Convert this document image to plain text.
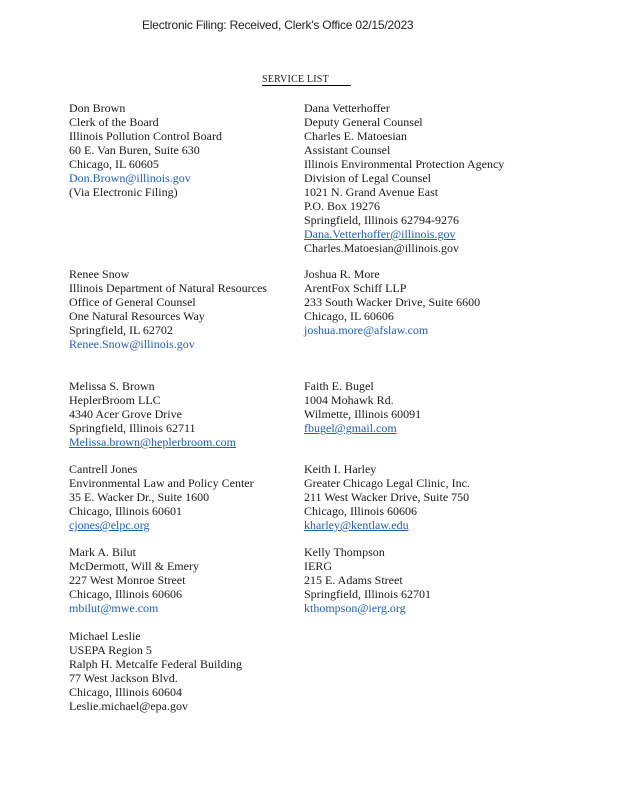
Electronic Filing: Received, Clerk's Office 02/15/2023
SERVICE LIST
Don Brown
Clerk of the Board
Illinois Pollution Control Board
60 E. Van Buren, Suite 630
Chicago, IL 60605
Don.Brown@illinois.gov
(Via Electronic Filing)
Dana Vetterhoffer
Deputy General Counsel
Charles E. Matoesian
Assistant Counsel
Illinois Environmental Protection Agency
Division of Legal Counsel
1021 N. Grand Avenue East
P.O. Box 19276
Springfield, Illinois 62794-9276
Dana.Vetterhoffer@illinois.gov
Charles.Matoesian@illinois.gov
Renee Snow
Illinois Department of Natural Resources
Office of General Counsel
One Natural Resources Way
Springfield, IL 62702
Renee.Snow@illinois.gov
Joshua R. More
ArentFox Schiff LLP
233 South Wacker Drive, Suite 6600
Chicago, IL 60606
joshua.more@afslaw.com
Melissa S. Brown
HeplerBroom LLC
4340 Acer Grove Drive
Springfield, Illinois 62711
Melissa.brown@heplerbroom.com
Faith E. Bugel
1004 Mohawk Rd.
Wilmette, Illinois 60091
fbugel@gmail.com
Cantrell Jones
Environmental Law and Policy Center
35 E. Wacker Dr., Suite 1600
Chicago, Illinois 60601
cjones@elpc.org
Keith I. Harley
Greater Chicago Legal Clinic, Inc.
211 West Wacker Drive, Suite 750
Chicago, Illinois 60606
kharley@kentlaw.edu
Mark A. Bilut
McDermott, Will & Emery
227 West Monroe Street
Chicago, Illinois 60606
mbilut@mwe.com
Kelly Thompson
IERG
215 E. Adams Street
Springfield, Illinois 62701
kthompson@ierg.org
Michael Leslie
USEPA Region 5
Ralph H. Metcalfe Federal Building
77 West Jackson Blvd.
Chicago, Illinois 60604
Leslie.michael@epa.gov
